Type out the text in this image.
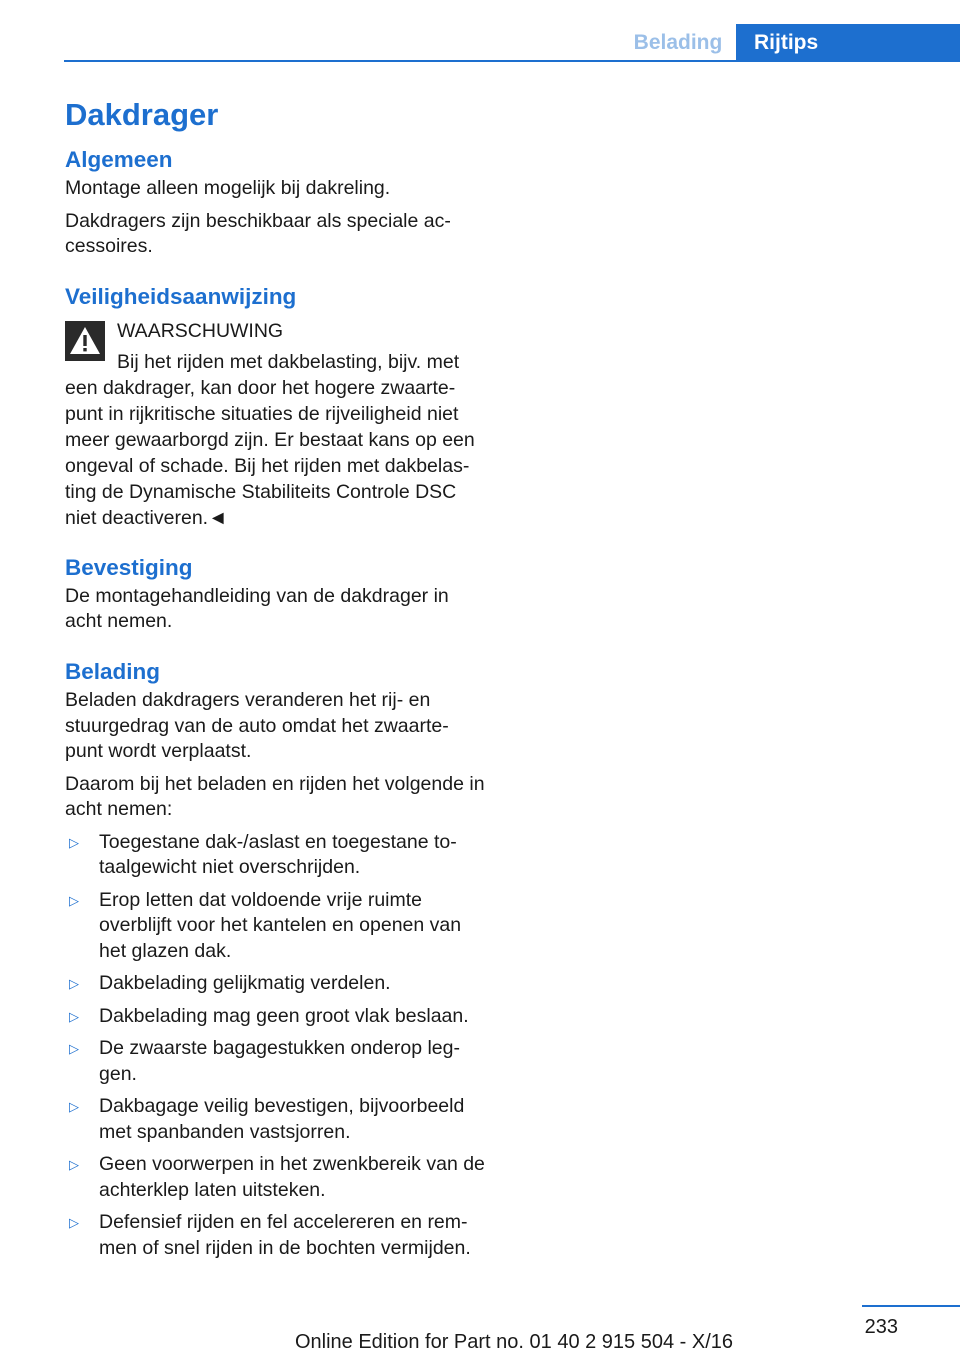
Belading	Rijtips
Dakdrager
Algemeen

Montage alleen mogelijk bij dakreling.

Dakdragers zijn beschikbaar als speciale ac-cessoires.

Veiligheidsaanwijzing
WAARSCHUWING
Bij het rijden met dakbelasting, bijv. met een dakdrager, kan door het hogere zwaarte-punt in rijkritische situaties de rijveiligheid niet meer gewaarborgd zijn. Er bestaat kans op een ongeval of schade. Bij het rijden met dakbelas-ting de Dynamische Stabiliteits Controle DSC niet deactiveren.◄
Bevestiging

De montagehandleiding van de dakdrager in acht nemen.

Belading

Beladen dakdragers veranderen het rij- en stuurgedrag van de auto omdat het zwaarte-punt wordt verplaatst.

Daarom bij het beladen en rijden het volgende in acht nemen:

▷ Toegestane dak-/aslast en toegestane to-taalgewicht niet overschrijden.
▷ Erop letten dat voldoende vrije ruimte overblijft voor het kantelen en openen van het glazen dak.
▷ Dakbelading gelijkmatig verdelen.
▷ Dakbelading mag geen groot vlak beslaan.
▷ De zwaarste bagagestukken onderop leg-gen.
▷ Dakbagage veilig bevestigen, bijvoorbeeld met spanbanden vastsjorren.
▷ Geen voorwerpen in het zwenkbereik van de achterklep laten uitsteken.
▷ Defensief rijden en fel accelereren en rem-men of snel rijden in de bochten vermijden.
233
Online Edition for Part no. 01 40 2 915 504 - X/16
